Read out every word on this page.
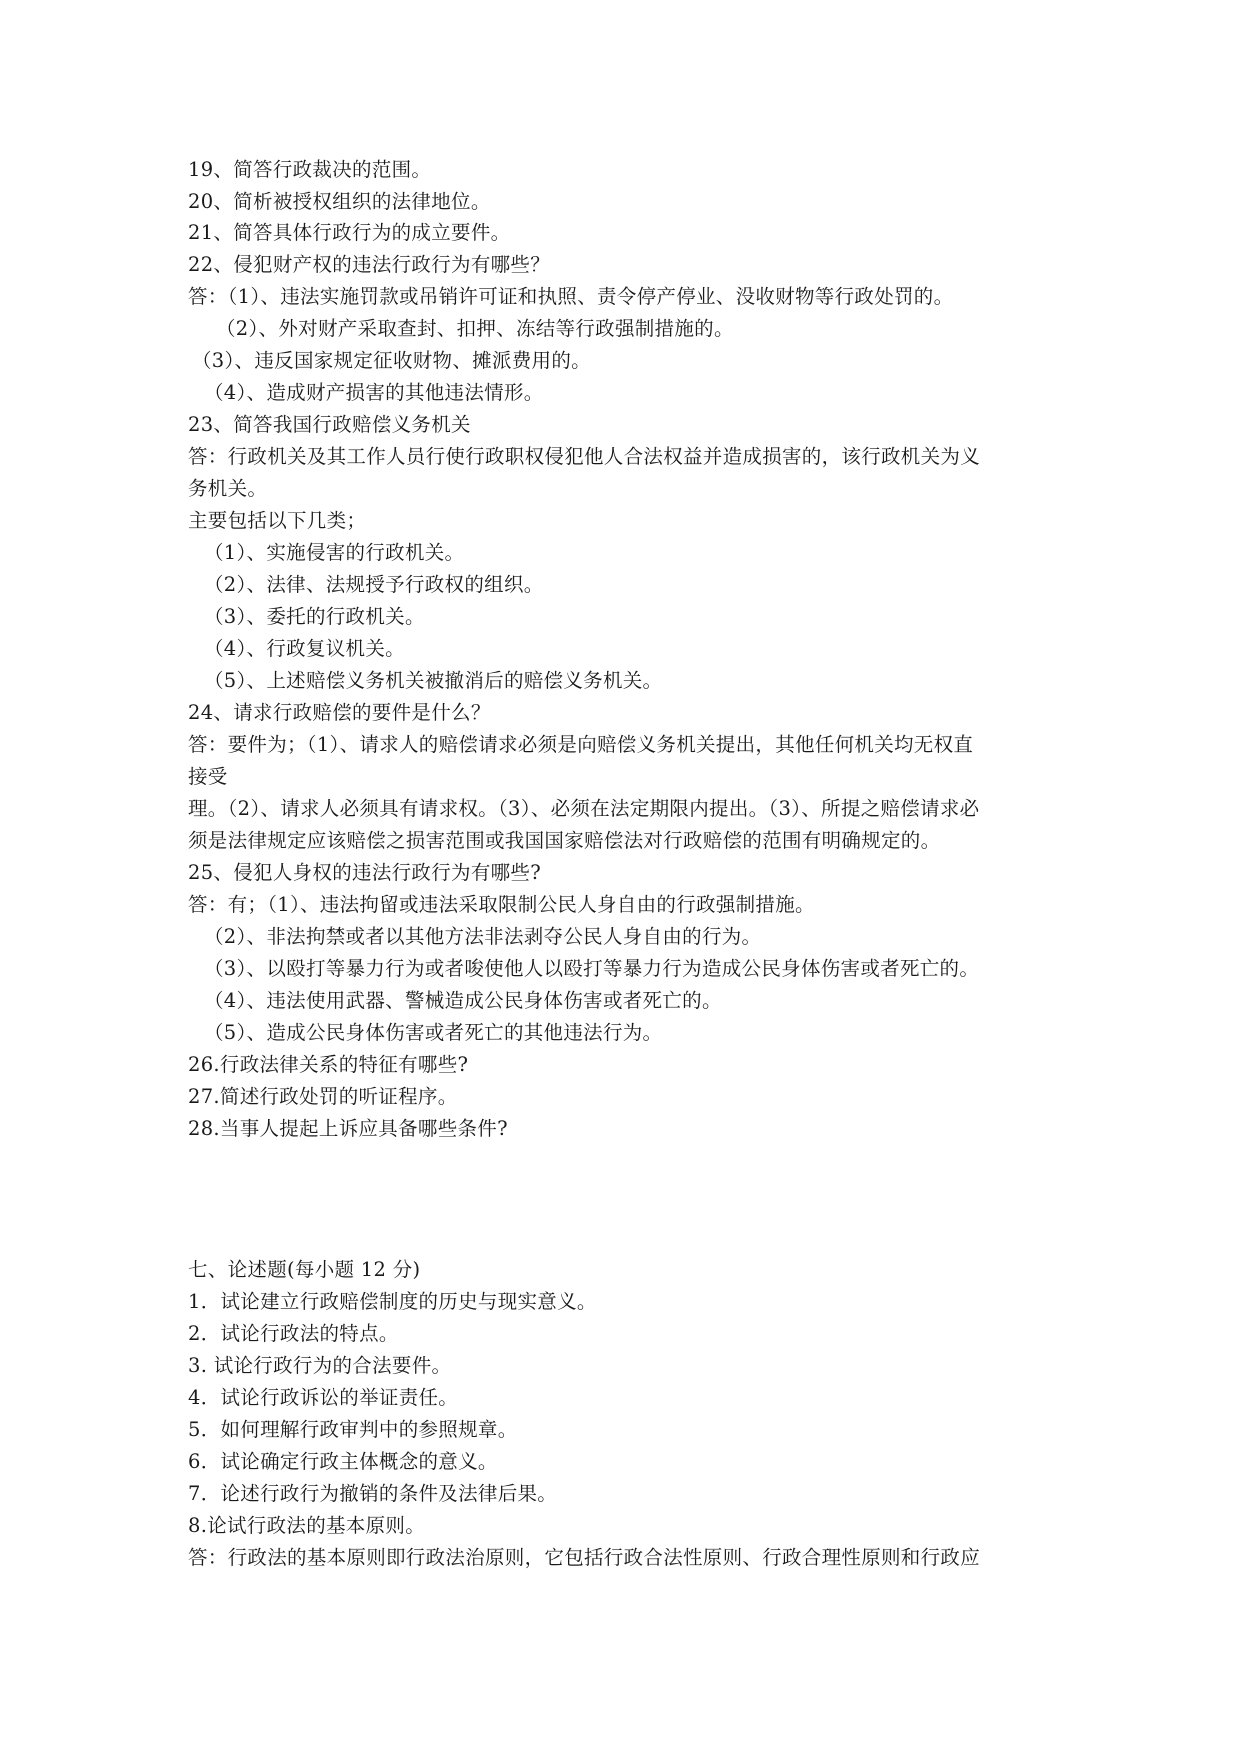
19、简答行政裁决的范围。
20、简析被授权组织的法律地位。
21、简答具体行政行为的成立要件。
22、侵犯财产权的违法行政行为有哪些？
答：（1）、违法实施罚款或吊销许可证和执照、责令停产停业、没收财物等行政处罚的。
（2）、外对财产采取查封、扣押、冻结等行政强制措施的。
（3）、违反国家规定征收财物、摊派费用的。
（4）、造成财产损害的其他违法情形。
23、简答我国行政赔偿义务机关
答：行政机关及其工作人员行使行政职权侵犯他人合法权益并造成损害的，该行政机关为义
务机关。
主要包括以下几类；
（1）、实施侵害的行政机关。
（2）、法律、法规授予行政权的组织。
（3）、委托的行政机关。
（4）、行政复议机关。
（5）、上述赔偿义务机关被撤消后的赔偿义务机关。
24、请求行政赔偿的要件是什么？
答：要件为；（1）、请求人的赔偿请求必须是向赔偿义务机关提出，其他任何机关均无权直
接受
理。（2）、请求人必须具有请求权。（3）、必须在法定期限内提出。（3）、所提之赔偿请求必
须是法律规定应该赔偿之损害范围或我国国家赔偿法对行政赔偿的范围有明确规定的。
25、侵犯人身权的违法行政行为有哪些?
答：有；（1）、违法拘留或违法采取限制公民人身自由的行政强制措施。
（2）、非法拘禁或者以其他方法非法剥夺公民人身自由的行为。
（3）、以殴打等暴力行为或者唆使他人以殴打等暴力行为造成公民身体伤害或者死亡的。
（4）、违法使用武器、警械造成公民身体伤害或者死亡的。
（5）、造成公民身体伤害或者死亡的其他违法行为。
26.行政法律关系的特征有哪些?
27.简述行政处罚的听证程序。
28.当事人提起上诉应具备哪些条件?
七、论述题(每小题 12 分)
1．试论建立行政赔偿制度的历史与现实意义。
2．试论行政法的特点。
3. 试论行政行为的合法要件。
4．试论行政诉讼的举证责任。
5．如何理解行政审判中的参照规章。
6．试论确定行政主体概念的意义。
7．论述行政行为撤销的条件及法律后果。
8.论试行政法的基本原则。
答：行政法的基本原则即行政法治原则，它包括行政合法性原则、行政合理性原则和行政应
